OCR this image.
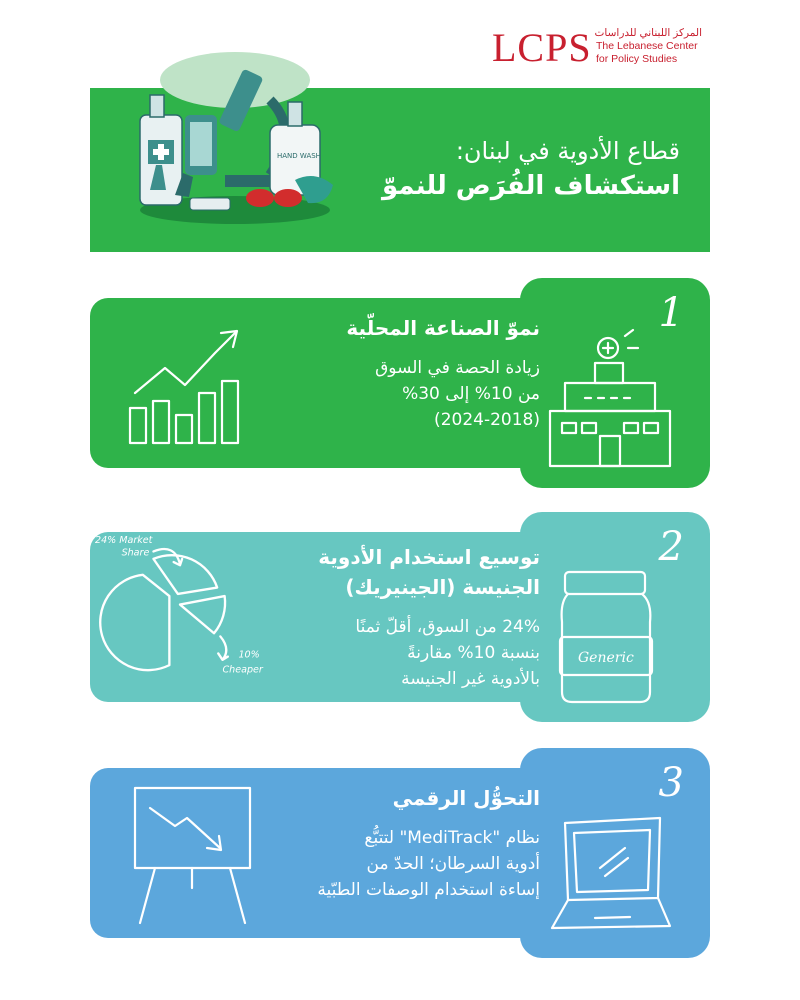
LCPS المركز اللبناني للدراسات
The Lebanese Center
for Policy Studies
قطاع الأدوية في لبنان:
استكشاف الفُرَص للنموّ
HAND WASH
1
نموّ الصناعة المحلّية
زيادة الحصة في السوق
من 10% إلى 30%
(2024-2018)
2
Generic
24% Market
Share
10%
Cheaper
توسيع استخدام الأدوية
الجنيسة (الجينيريك)
24% من السوق، أقلّ ثمنًا
بنسبة 10% مقارنةً
بالأدوية غير الجنيسة
3
التحوُّل الرقمي
نظام "MediTrack" لتتبُّع
أدوية السرطان؛ الحدّ من
إساءة استخدام الوصفات الطبّية
